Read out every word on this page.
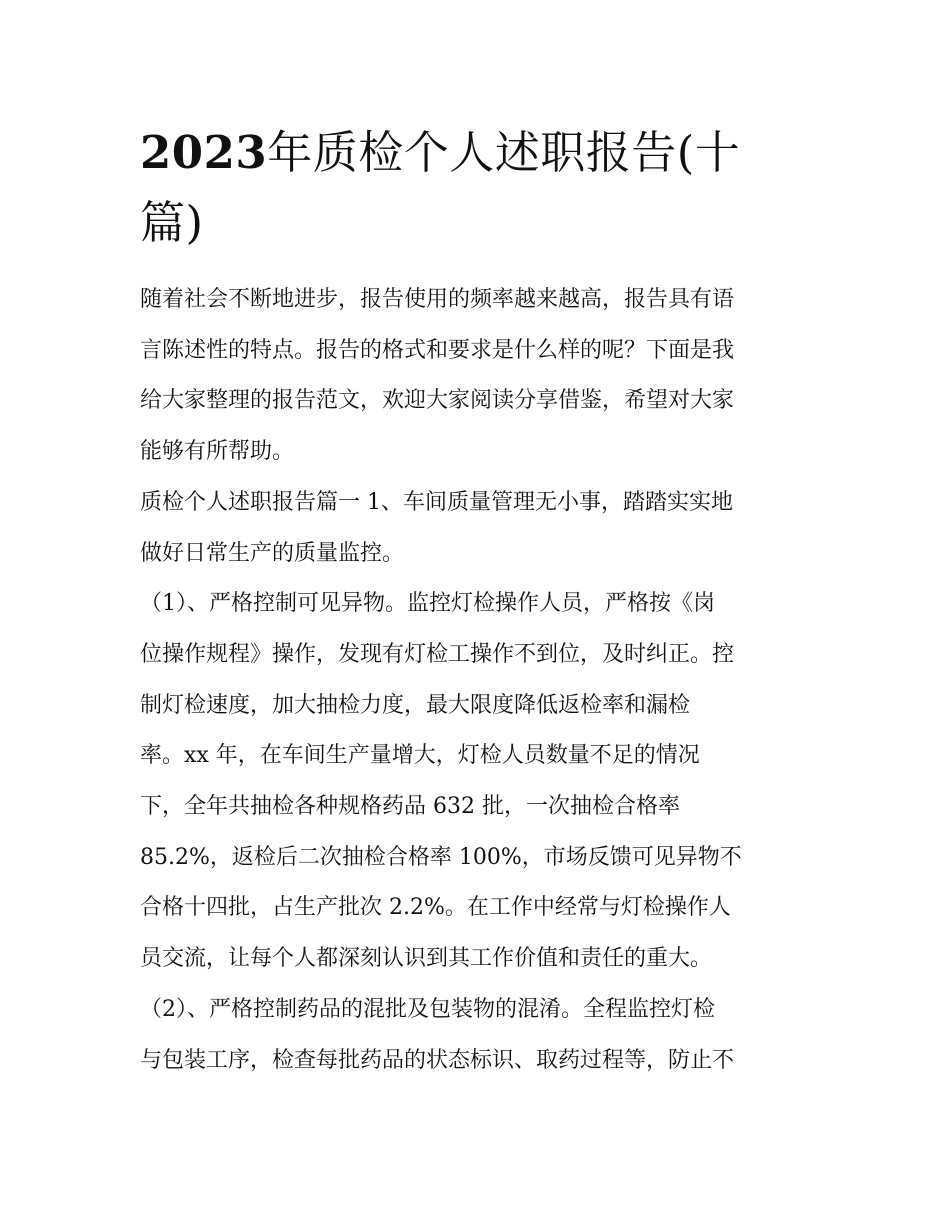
2023年质检个人述职报告(十
篇)

随着社会不断地进步，报告使用的频率越来越高，报告具有语

言陈述性的特点。报告的格式和要求是什么样的呢？下面是我

给大家整理的报告范文，欢迎大家阅读分享借鉴，希望对大家

能够有所帮助。

质检个人述职报告篇一 1、车间质量管理无小事，踏踏实实地

做好日常生产的质量监控。

（1）、严格控制可见异物。监控灯检操作人员，严格按《岗

位操作规程》操作，发现有灯检工操作不到位，及时纠正。控

制灯检速度，加大抽检力度，最大限度降低返检率和漏检

率。xx 年，在车间生产量增大，灯检人员数量不足的情况

下，全年共抽检各种规格药品 632 批，一次抽检合格率

85.2%，返检后二次抽检合格率 100%，市场反馈可见异物不

合格十四批，占生产批次 2.2%。在工作中经常与灯检操作人

员交流，让每个人都深刻认识到其工作价值和责任的重大。

（2）、严格控制药品的混批及包装物的混淆。全程监控灯检

与包装工序，检查每批药品的状态标识、取药过程等，防止不
